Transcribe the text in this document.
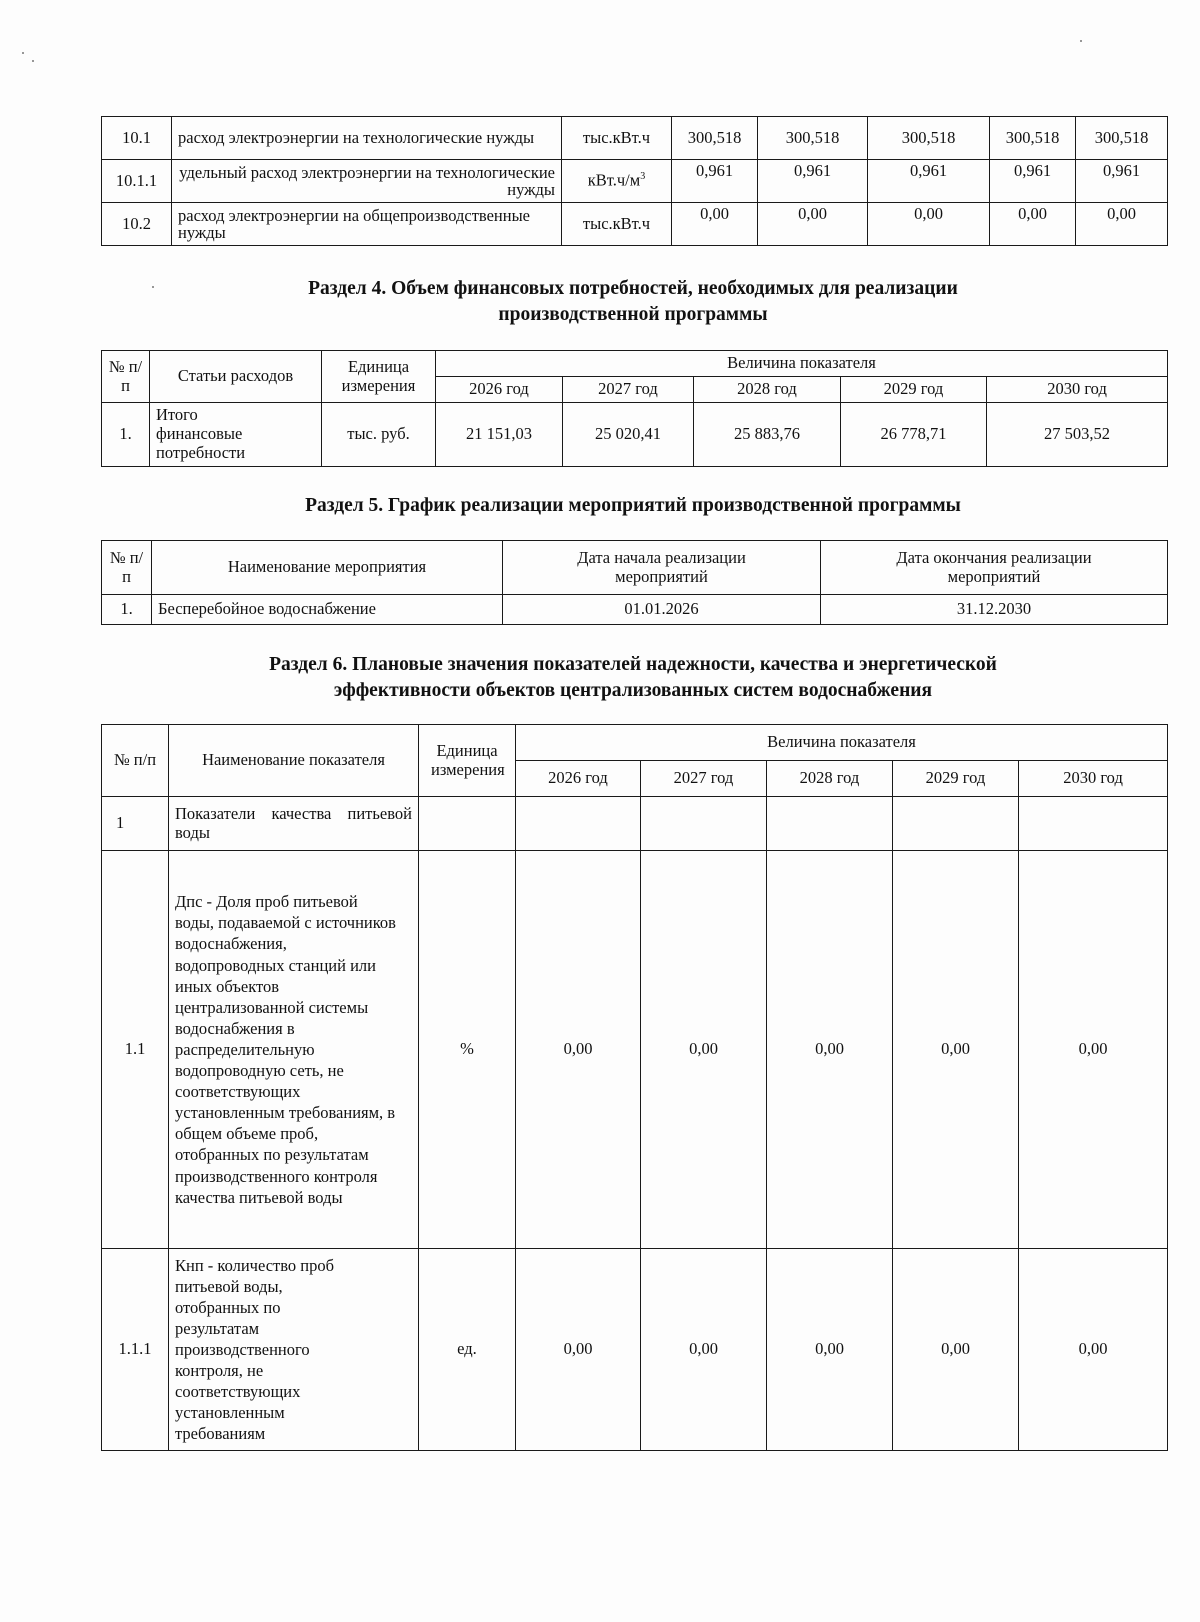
10.1	расход электроэнергии на технологические нужды	тыс.кВт.ч	300,518	300,518	300,518	300,518	300,518
10.1.1	удельный расход электроэнергии на технологические нужды	$кВт.ч/м^3$	0,961	0,961	0,961	0,961	0,961
10.2	расход электроэнергии на общепроизводственные нужды	тыс.кВт.ч	0,00	0,00	0,00	0,00	0,00
Раздел 4. Объем финансовых потребностей, необходимых для реализации
производственной программы
№ п/п	Статьи расходов	Единица измерения	Величина показателя				
			2026 год	2027 год	2028 год	2029 год	2030 год
1.	Итого финансовые потребности	тыс. руб.	21 151,03	25 020,41	25 883,76	26 778,71	27 503,52
Раздел 5. График реализации мероприятий производственной программы
№ п/п	Наименование мероприятия	Дата начала реализации мероприятий	Дата окончания реализации мероприятий
1.	Бесперебойное водоснабжение	01.01.2026	31.12.2030
Раздел 6. Плановые значения показателей надежности, качества и энергетической
эффективности объектов централизованных систем водоснабжения
№ п/п	Наименование показателя	Единица измерения	Величина показателя				
			2026 год	2027 год	2028 год	2029 год	2030 год
1	Показатели качества питьевой воды						
1.1	Дпс - Доля проб питьевой воды, подаваемой с источников водоснабжения, водопроводных станций или иных объектов централизованной системы водоснабжения в распределительную водопроводную сеть, не соответствующих установленным требованиям, в общем объеме проб, отобранных по результатам производственного контроля качества питьевой воды	%	0,00	0,00	0,00	0,00	0,00
1.1.1	Кнп - количество проб питьевой воды, отобранных по результатам производственного контроля, не соответствующих установленным требованиям	ед.	0,00	0,00	0,00	0,00	0,00
